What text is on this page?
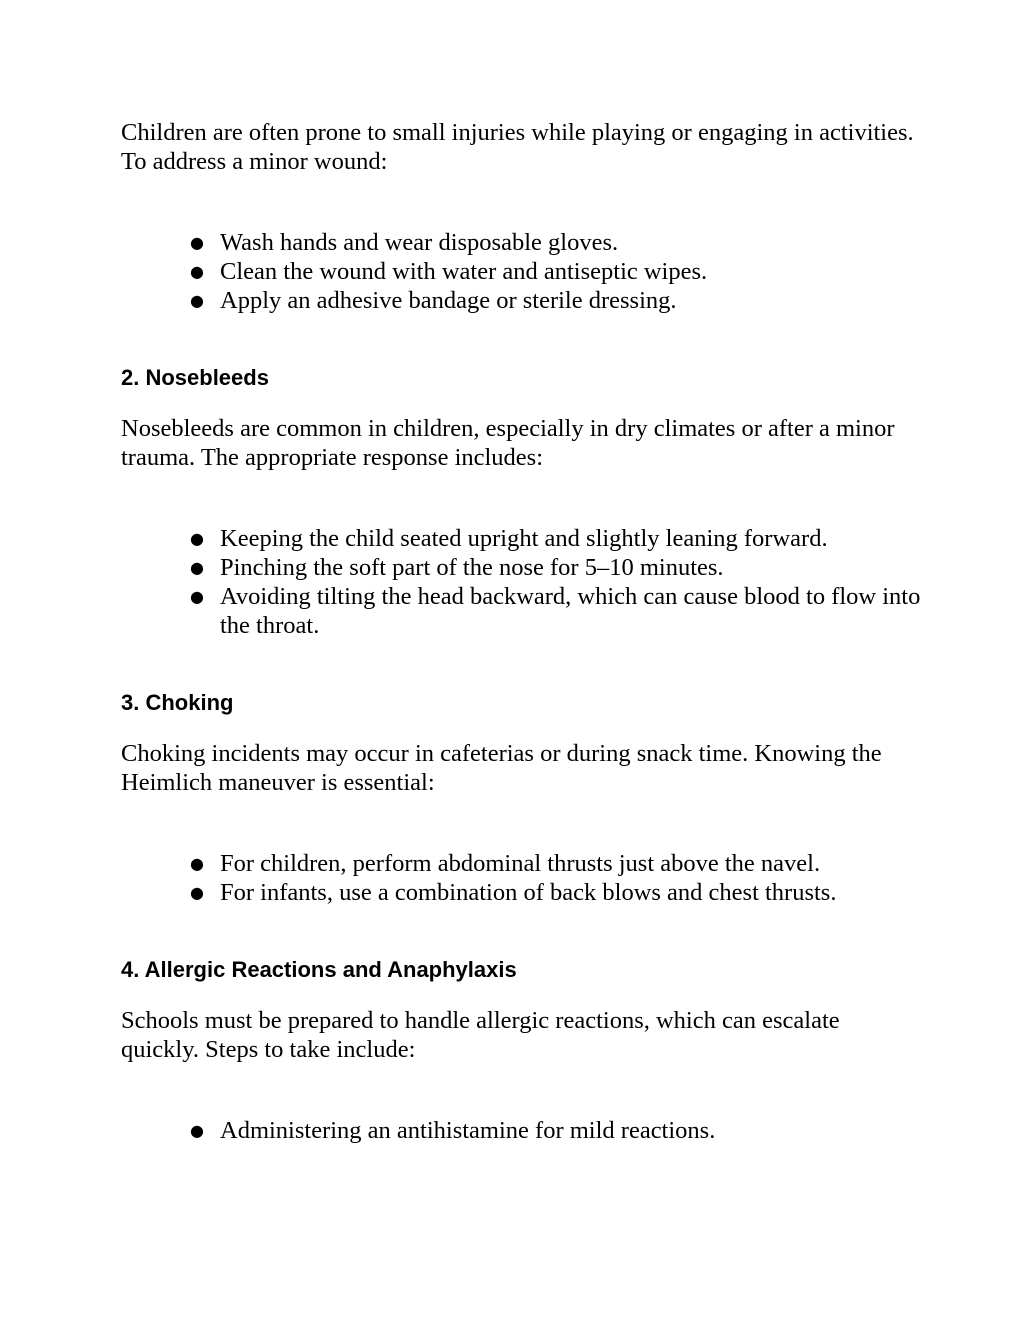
Children are often prone to small injuries while playing or engaging in activities. To address a minor wound:

● Wash hands and wear disposable gloves.
● Clean the wound with water and antiseptic wipes.
● Apply an adhesive bandage or sterile dressing.
2. Nosebleeds

Nosebleeds are common in children, especially in dry climates or after a minor trauma. The appropriate response includes:

● Keeping the child seated upright and slightly leaning forward.
● Pinching the soft part of the nose for 5–10 minutes.
● Avoiding tilting the head backward, which can cause blood to flow into the throat.
3. Choking

Choking incidents may occur in cafeterias or during snack time. Knowing the Heimlich maneuver is essential:

● For children, perform abdominal thrusts just above the navel.
● For infants, use a combination of back blows and chest thrusts.
4. Allergic Reactions and Anaphylaxis

Schools must be prepared to handle allergic reactions, which can escalate quickly. Steps to take include:

● Administering an antihistamine for mild reactions.
